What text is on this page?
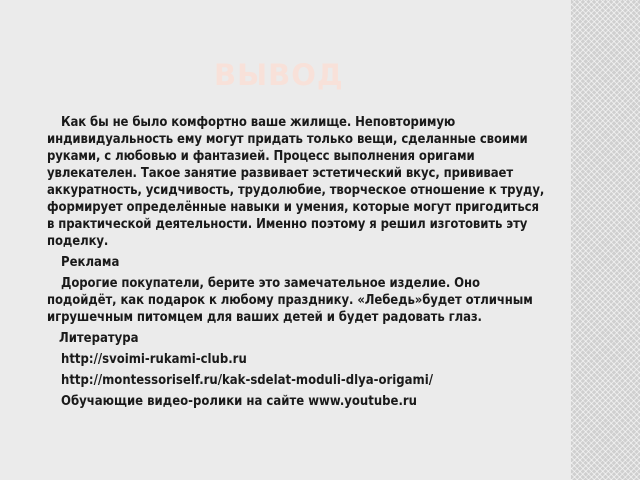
ВЫВОД

Как бы не было комфортно ваше жилище. Неповторимую индивидуальность ему могут придать только вещи, сделанные своими руками, с любовью и фантазией. Процесс выполнения оригами увлекателен. Такое занятие развивает эстетический вкус, прививает аккуратность, усидчивость, трудолюбие, творческое отношение к труду, формирует определённые навыки и умения, которые могут пригодиться в практической деятельности. Именно поэтому я решил изготовить эту поделку.

Реклама

Дорогие покупатели, берите это замечательное изделие. Оно подойдёт, как подарок к любому празднику. «Лебедь»будет отличным игрушечным питомцем для ваших детей и будет радовать глаз.

Литература
http://svoimi-rukami-club.ru
http://montessoriself.ru/kak-sdelat-moduli-dlya-origami/
Обучающие видео-ролики на сайте www.youtube.ru
